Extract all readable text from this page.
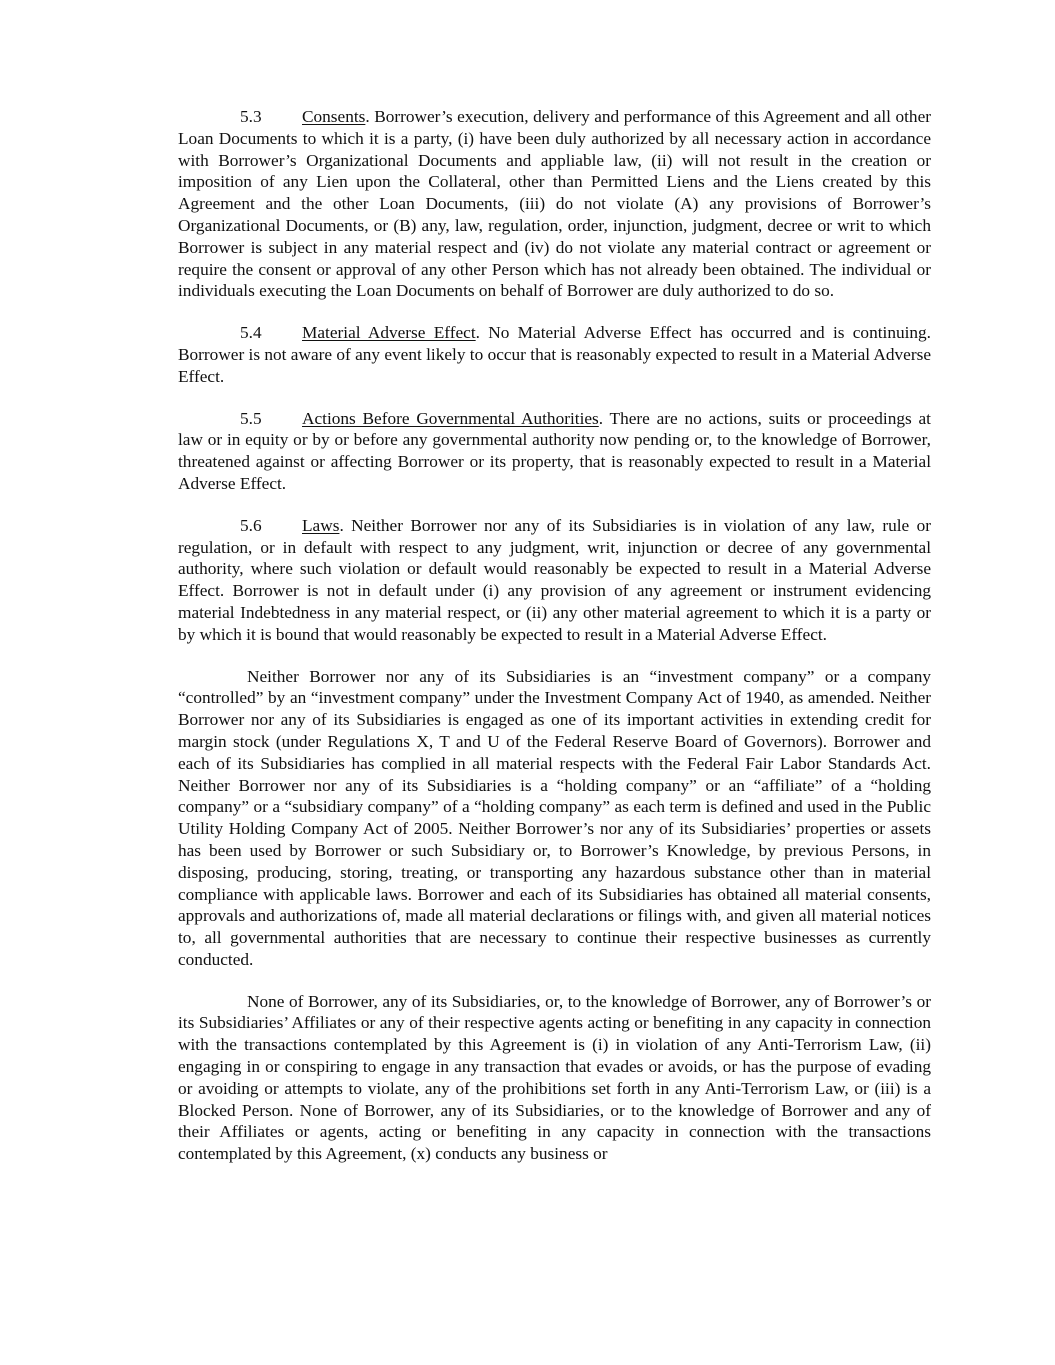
5.3 Consents. Borrower’s execution, delivery and performance of this Agreement and all other Loan Documents to which it is a party, (i) have been duly authorized by all necessary action in accordance with Borrower’s Organizational Documents and appliable law, (ii) will not result in the creation or imposition of any Lien upon the Collateral, other than Permitted Liens and the Liens created by this Agreement and the other Loan Documents, (iii) do not violate (A) any provisions of Borrower’s Organizational Documents, or (B) any, law, regulation, order, injunction, judgment, decree or writ to which Borrower is subject in any material respect and (iv) do not violate any material contract or agreement or require the consent or approval of any other Person which has not already been obtained. The individual or individuals executing the Loan Documents on behalf of Borrower are duly authorized to do so.

5.4 Material Adverse Effect. No Material Adverse Effect has occurred and is continuing. Borrower is not aware of any event likely to occur that is reasonably expected to result in a Material Adverse Effect.

5.5 Actions Before Governmental Authorities. There are no actions, suits or proceedings at law or in equity or by or before any governmental authority now pending or, to the knowledge of Borrower, threatened against or affecting Borrower or its property, that is reasonably expected to result in a Material Adverse Effect.

5.6 Laws. Neither Borrower nor any of its Subsidiaries is in violation of any law, rule or regulation, or in default with respect to any judgment, writ, injunction or decree of any governmental authority, where such violation or default would reasonably be expected to result in a Material Adverse Effect. Borrower is not in default under (i) any provision of any agreement or instrument evidencing material Indebtedness in any material respect, or (ii) any other material agreement to which it is a party or by which it is bound that would reasonably be expected to result in a Material Adverse Effect.

Neither Borrower nor any of its Subsidiaries is an “investment company” or a company “controlled” by an “investment company” under the Investment Company Act of 1940, as amended. Neither Borrower nor any of its Subsidiaries is engaged as one of its important activities in extending credit for margin stock (under Regulations X, T and U of the Federal Reserve Board of Governors). Borrower and each of its Subsidiaries has complied in all material respects with the Federal Fair Labor Standards Act. Neither Borrower nor any of its Subsidiaries is a “holding company” or an “affiliate” of a “holding company” or a “subsidiary company” of a “holding company” as each term is defined and used in the Public Utility Holding Company Act of 2005. Neither Borrower’s nor any of its Subsidiaries’ properties or assets has been used by Borrower or such Subsidiary or, to Borrower’s Knowledge, by previous Persons, in disposing, producing, storing, treating, or transporting any hazardous substance other than in material compliance with applicable laws. Borrower and each of its Subsidiaries has obtained all material consents, approvals and authorizations of, made all material declarations or filings with, and given all material notices to, all governmental authorities that are necessary to continue their respective businesses as currently conducted.

None of Borrower, any of its Subsidiaries, or, to the knowledge of Borrower, any of Borrower’s or its Subsidiaries’ Affiliates or any of their respective agents acting or benefiting in any capacity in connection with the transactions contemplated by this Agreement is (i) in violation of any Anti-Terrorism Law, (ii) engaging in or conspiring to engage in any transaction that evades or avoids, or has the purpose of evading or avoiding or attempts to violate, any of the prohibitions set forth in any Anti-Terrorism Law, or (iii) is a Blocked Person. None of Borrower, any of its Subsidiaries, or to the knowledge of Borrower and any of their Affiliates or agents, acting or benefiting in any capacity in connection with the transactions contemplated by this Agreement, (x) conducts any business or
